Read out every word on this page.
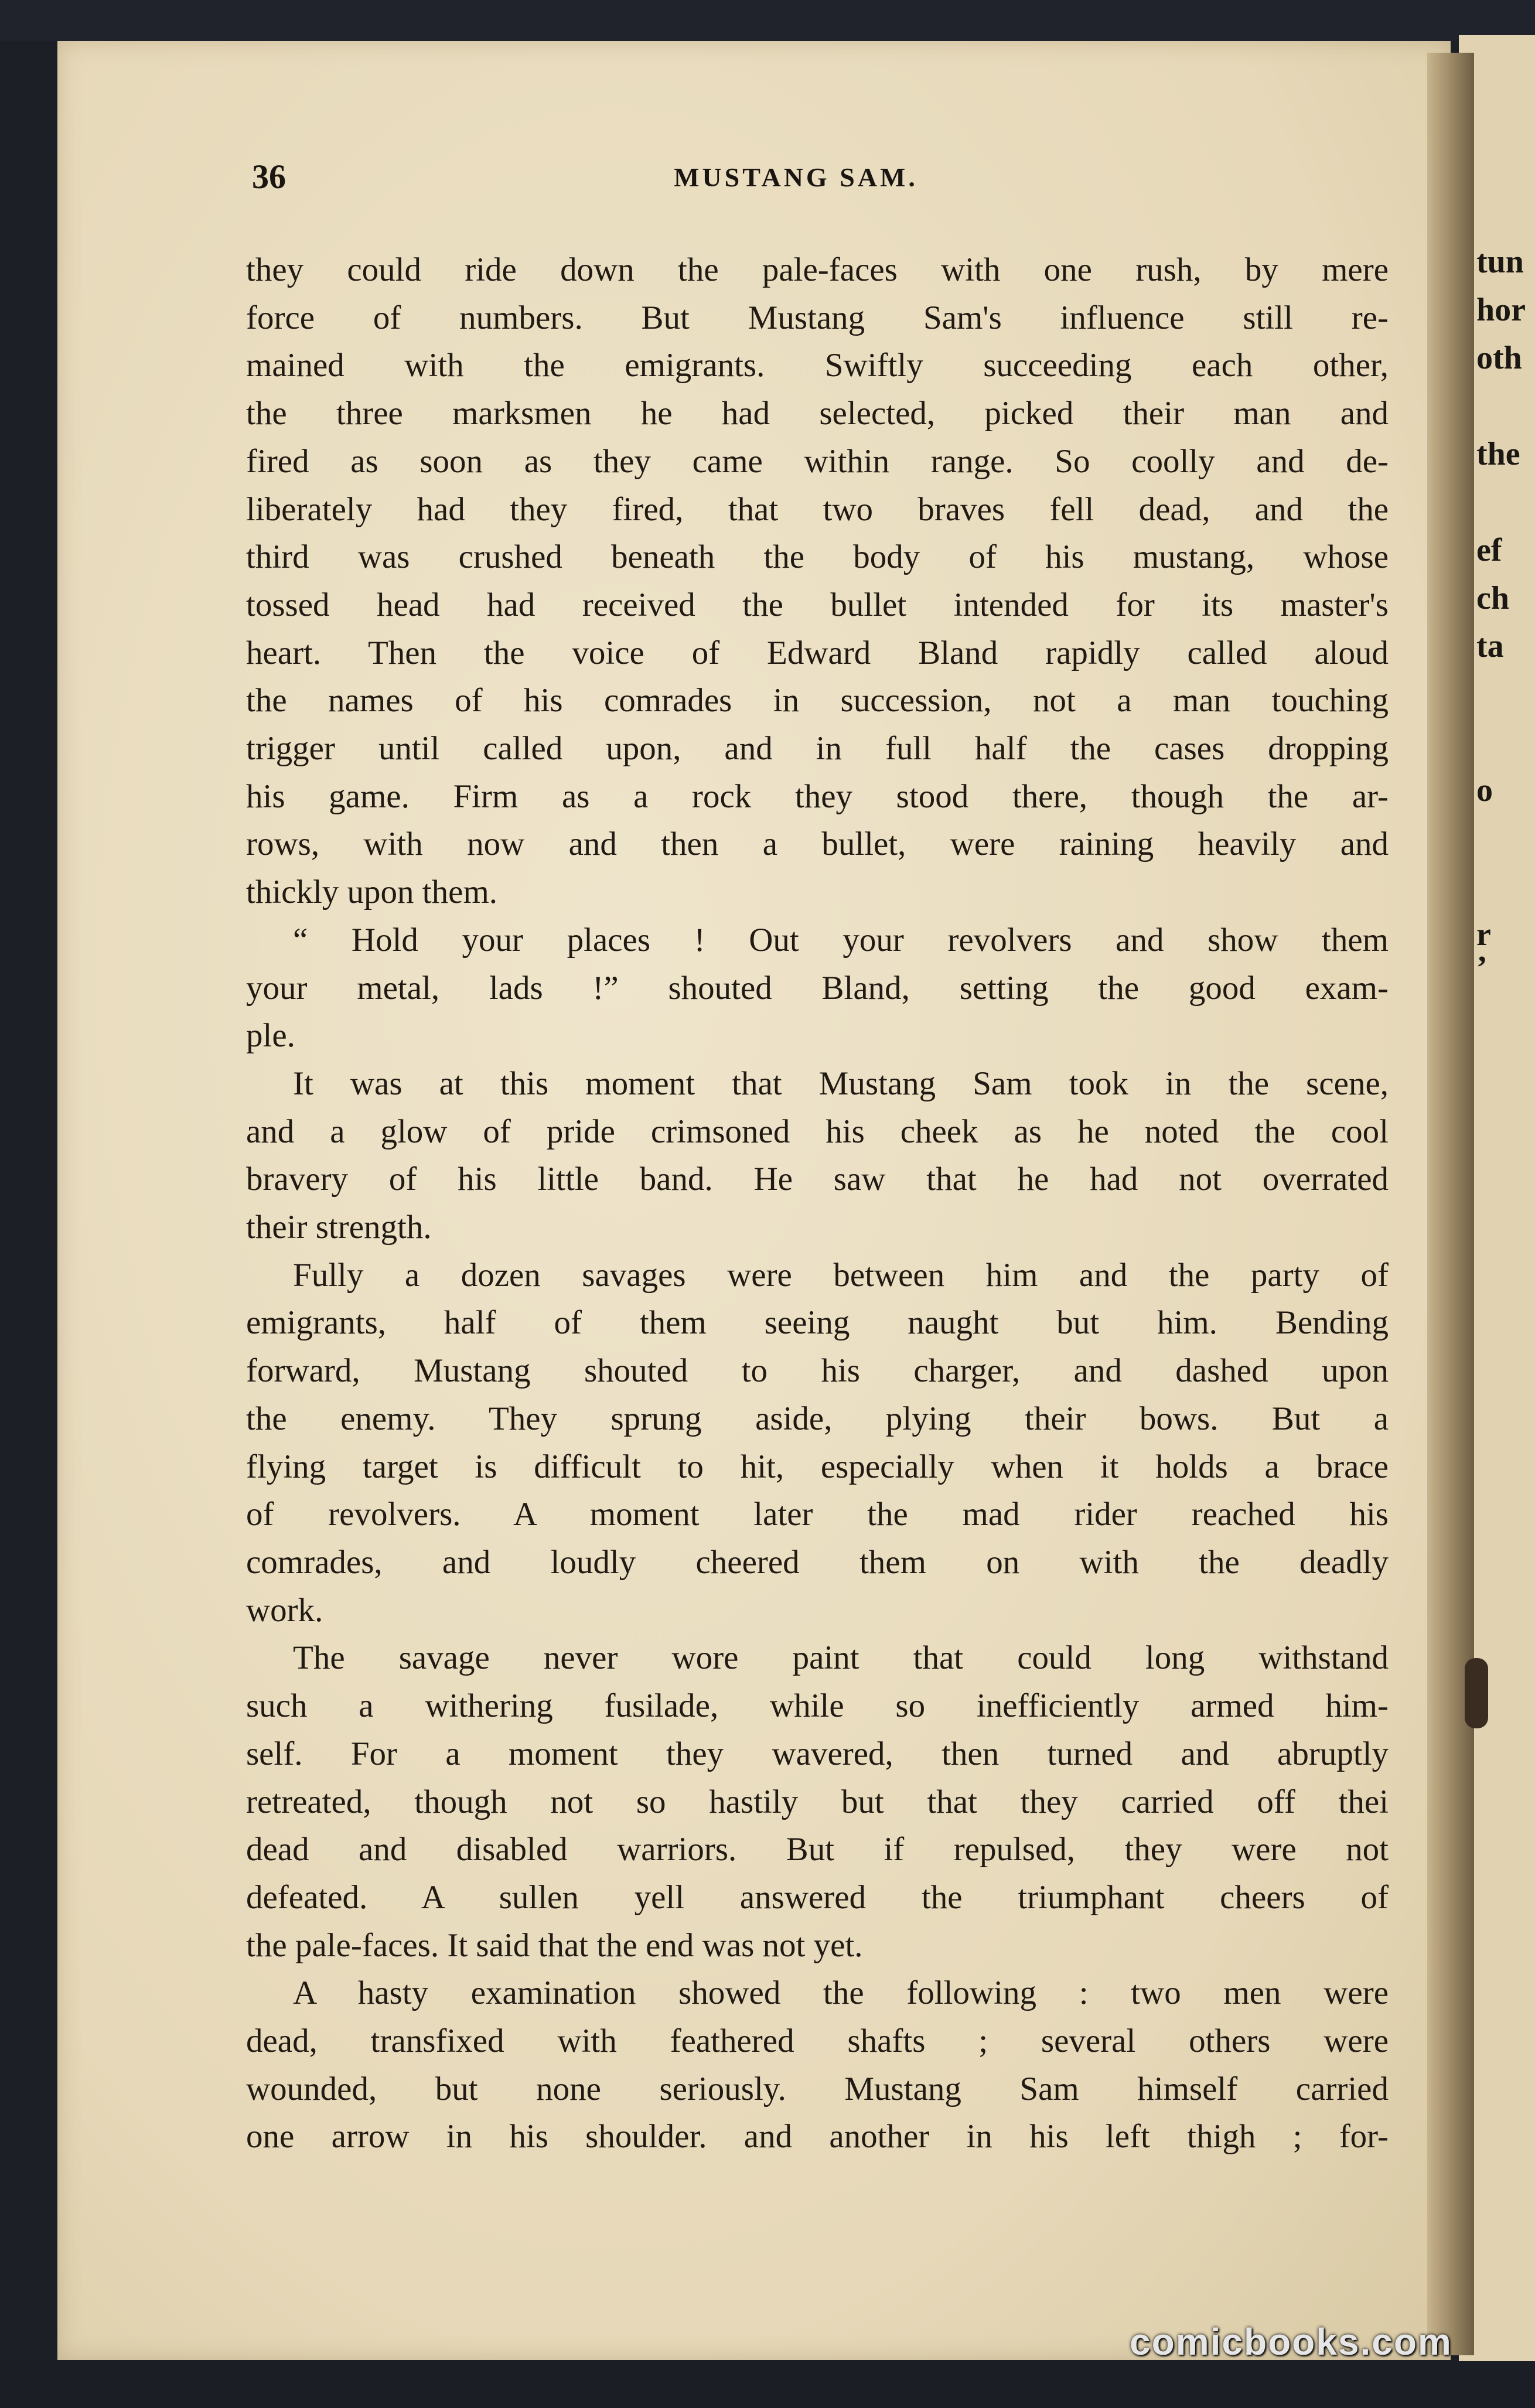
tun
hor
oth
the
ef
ch
ta
o
r
’
36	MUSTANG SAM.

they could ride down the pale-faces with one rush, by mere

force of numbers. But Mustang Sam's influence still re-

mained with the emigrants. Swiftly succeeding each other,

the three marksmen he had selected, picked their man and

fired as soon as they came within range. So coolly and de-

liberately had they fired, that two braves fell dead, and the

third was crushed beneath the body of his mustang, whose

tossed head had received the bullet intended for its master's

heart. Then the voice of Edward Bland rapidly called aloud

the names of his comrades in succession, not a man touching

trigger until called upon, and in full half the cases dropping

his game. Firm as a rock they stood there, though the ar-

rows, with now and then a bullet, were raining heavily and

thickly upon them.

“ Hold your places ! Out your revolvers and show them

your metal, lads !” shouted Bland, setting the good exam-

ple.

It was at this moment that Mustang Sam took in the scene,

and a glow of pride crimsoned his cheek as he noted the cool

bravery of his little band. He saw that he had not overrated

their strength.

Fully a dozen savages were between him and the party of

emigrants, half of them seeing naught but him. Bending

forward, Mustang shouted to his charger, and dashed upon

the enemy. They sprung aside, plying their bows. But a

flying target is difficult to hit, especially when it holds a brace

of revolvers. A moment later the mad rider reached his

comrades, and loudly cheered them on with the deadly

work.

The savage never wore paint that could long withstand

such a withering fusilade, while so inefficiently armed him-

self. For a moment they wavered, then turned and abruptly

retreated, though not so hastily but that they carried off thei

dead and disabled warriors. But if repulsed, they were not

defeated. A sullen yell answered the triumphant cheers of

the pale-faces. It said that the end was not yet.

A hasty examination showed the following : two men were

dead, transfixed with feathered shafts ; several others were

wounded, but none seriously. Mustang Sam himself carried

one arrow in his shoulder. and another in his left thigh ; for-

comicbooks.com
